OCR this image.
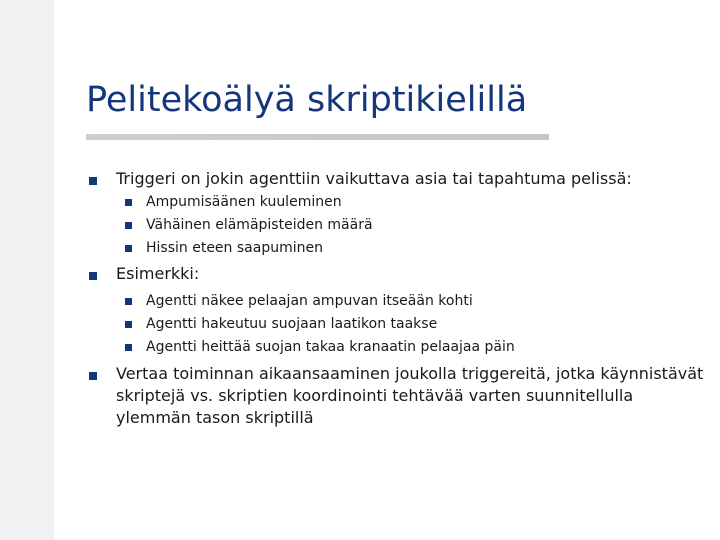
Pelitekoälyä skriptikielillä
Triggeri on jokin agenttiin vaikuttava asia tai tapahtuma pelissä:
Ampumisäänen kuuleminen
Vähäinen elämäpisteiden määrä
Hissin eteen saapuminen
Esimerkki:
Agentti näkee pelaajan ampuvan itseään kohti
Agentti hakeutuu suojaan laatikon taakse
Agentti heittää suojan takaa kranaatin pelaajaa päin
Vertaa toiminnan aikaansaaminen joukolla triggereitä, jotka käynnistävät skriptejä vs. skriptien koordinointi tehtävää varten suunnitellulla ylemmän tason skriptillä
